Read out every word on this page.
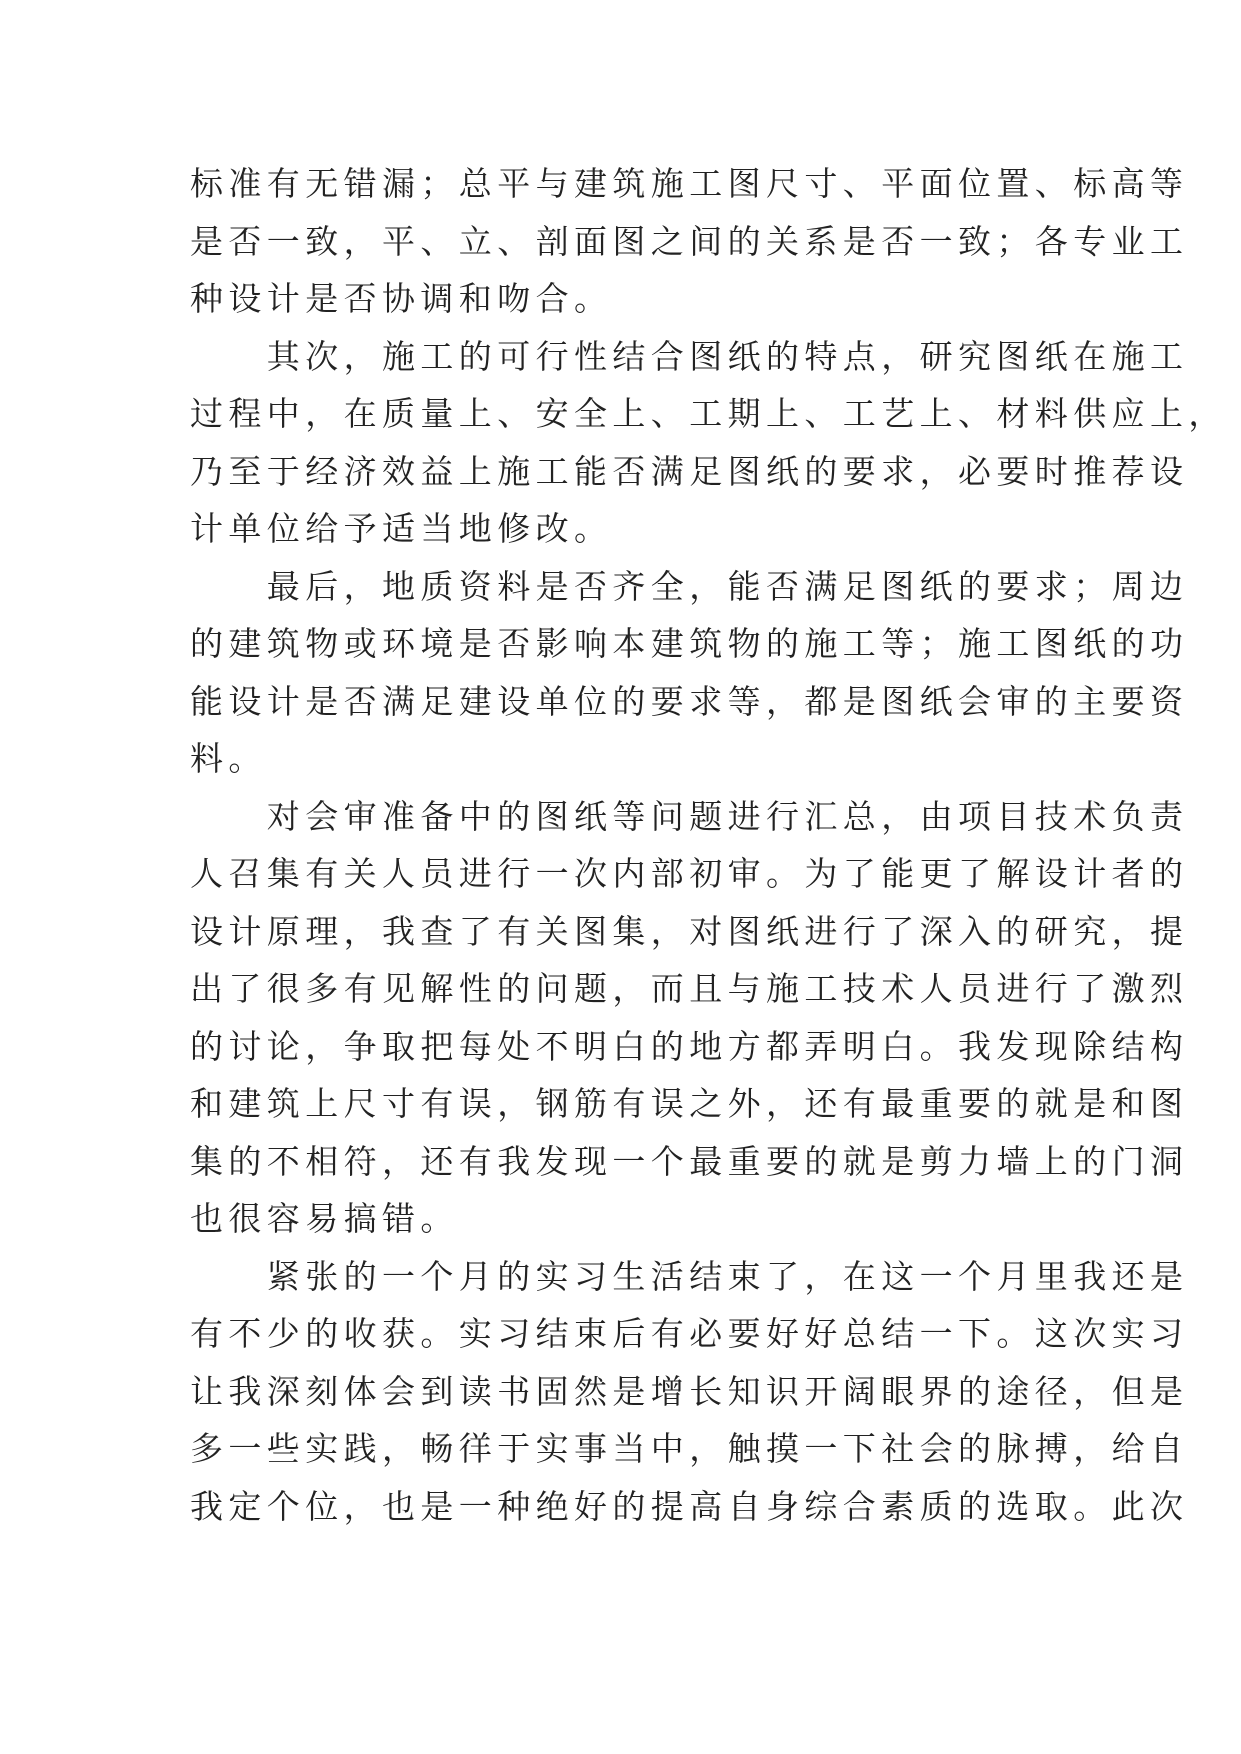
标准有无错漏；总平与建筑施工图尺寸、平面位置、标高等
是否一致，平、立、剖面图之间的关系是否一致；各专业工
种设计是否协调和吻合。

　　其次，施工的可行性结合图纸的特点，研究图纸在施工
过程中，在质量上、安全上、工期上、工艺上、材料供应上，
乃至于经济效益上施工能否满足图纸的要求，必要时推荐设
计单位给予适当地修改。

　　最后，地质资料是否齐全，能否满足图纸的要求；周边
的建筑物或环境是否影响本建筑物的施工等；施工图纸的功
能设计是否满足建设单位的要求等，都是图纸会审的主要资
料。

　　对会审准备中的图纸等问题进行汇总，由项目技术负责
人召集有关人员进行一次内部初审。为了能更了解设计者的
设计原理，我查了有关图集，对图纸进行了深入的研究，提
出了很多有见解性的问题，而且与施工技术人员进行了激烈
的讨论，争取把每处不明白的地方都弄明白。我发现除结构
和建筑上尺寸有误，钢筋有误之外，还有最重要的就是和图
集的不相符，还有我发现一个最重要的就是剪力墙上的门洞
也很容易搞错。

　　紧张的一个月的实习生活结束了，在这一个月里我还是
有不少的收获。实习结束后有必要好好总结一下。这次实习
让我深刻体会到读书固然是增长知识开阔眼界的途径，但是
多一些实践，畅徉于实事当中，触摸一下社会的脉搏，给自
我定个位，也是一种绝好的提高自身综合素质的选取。此次
